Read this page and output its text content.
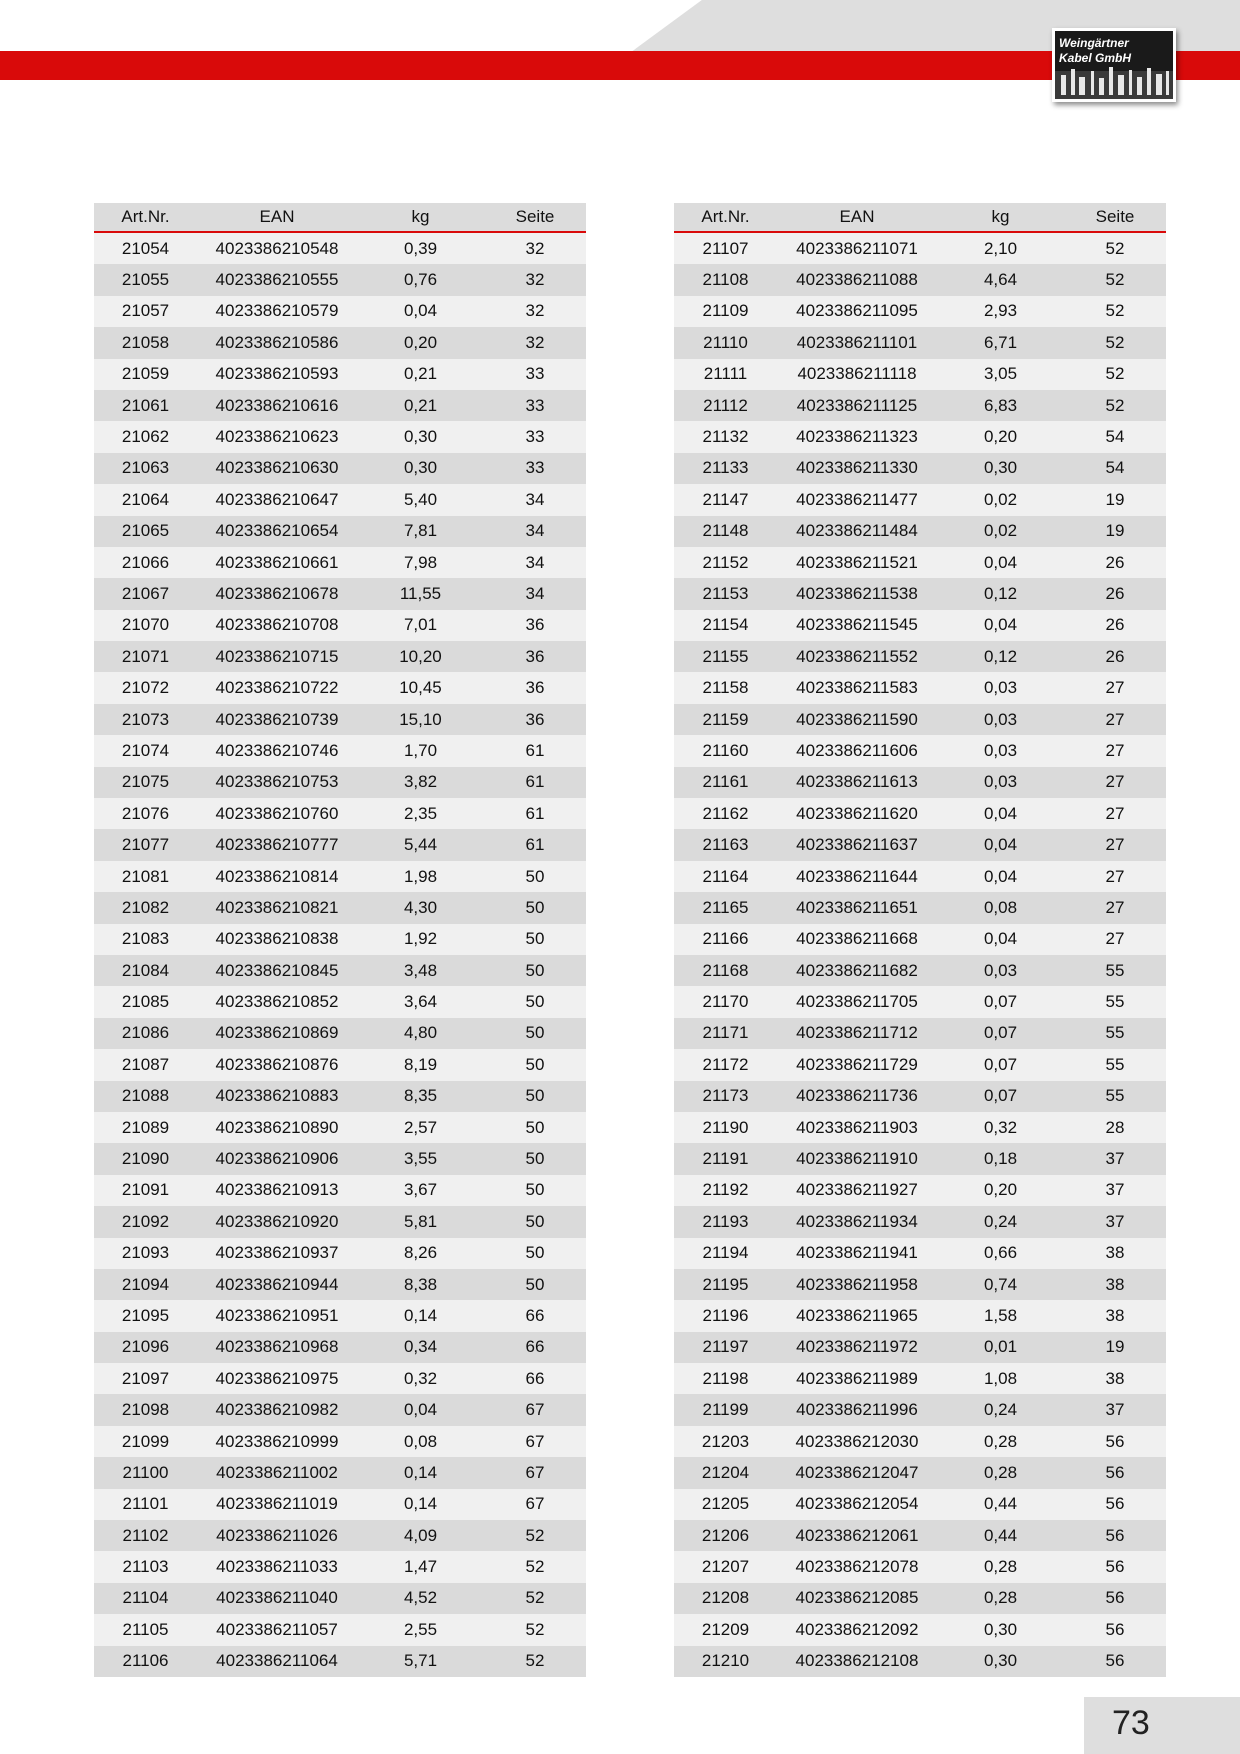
Weingärtner
Kabel GmbH
Art.Nr.	EAN	kg	Seite
21054	4023386210548	0,39	32
21055	4023386210555	0,76	32
21057	4023386210579	0,04	32
21058	4023386210586	0,20	32
21059	4023386210593	0,21	33
21061	4023386210616	0,21	33
21062	4023386210623	0,30	33
21063	4023386210630	0,30	33
21064	4023386210647	5,40	34
21065	4023386210654	7,81	34
21066	4023386210661	7,98	34
21067	4023386210678	11,55	34
21070	4023386210708	7,01	36
21071	4023386210715	10,20	36
21072	4023386210722	10,45	36
21073	4023386210739	15,10	36
21074	4023386210746	1,70	61
21075	4023386210753	3,82	61
21076	4023386210760	2,35	61
21077	4023386210777	5,44	61
21081	4023386210814	1,98	50
21082	4023386210821	4,30	50
21083	4023386210838	1,92	50
21084	4023386210845	3,48	50
21085	4023386210852	3,64	50
21086	4023386210869	4,80	50
21087	4023386210876	8,19	50
21088	4023386210883	8,35	50
21089	4023386210890	2,57	50
21090	4023386210906	3,55	50
21091	4023386210913	3,67	50
21092	4023386210920	5,81	50
21093	4023386210937	8,26	50
21094	4023386210944	8,38	50
21095	4023386210951	0,14	66
21096	4023386210968	0,34	66
21097	4023386210975	0,32	66
21098	4023386210982	0,04	67
21099	4023386210999	0,08	67
21100	4023386211002	0,14	67
21101	4023386211019	0,14	67
21102	4023386211026	4,09	52
21103	4023386211033	1,47	52
21104	4023386211040	4,52	52
21105	4023386211057	2,55	52
21106	4023386211064	5,71	52
Art.Nr.	EAN	kg	Seite
21107	4023386211071	2,10	52
21108	4023386211088	4,64	52
21109	4023386211095	2,93	52
21110	4023386211101	6,71	52
21111	4023386211118	3,05	52
21112	4023386211125	6,83	52
21132	4023386211323	0,20	54
21133	4023386211330	0,30	54
21147	4023386211477	0,02	19
21148	4023386211484	0,02	19
21152	4023386211521	0,04	26
21153	4023386211538	0,12	26
21154	4023386211545	0,04	26
21155	4023386211552	0,12	26
21158	4023386211583	0,03	27
21159	4023386211590	0,03	27
21160	4023386211606	0,03	27
21161	4023386211613	0,03	27
21162	4023386211620	0,04	27
21163	4023386211637	0,04	27
21164	4023386211644	0,04	27
21165	4023386211651	0,08	27
21166	4023386211668	0,04	27
21168	4023386211682	0,03	55
21170	4023386211705	0,07	55
21171	4023386211712	0,07	55
21172	4023386211729	0,07	55
21173	4023386211736	0,07	55
21190	4023386211903	0,32	28
21191	4023386211910	0,18	37
21192	4023386211927	0,20	37
21193	4023386211934	0,24	37
21194	4023386211941	0,66	38
21195	4023386211958	0,74	38
21196	4023386211965	1,58	38
21197	4023386211972	0,01	19
21198	4023386211989	1,08	38
21199	4023386211996	0,24	37
21203	4023386212030	0,28	56
21204	4023386212047	0,28	56
21205	4023386212054	0,44	56
21206	4023386212061	0,44	56
21207	4023386212078	0,28	56
21208	4023386212085	0,28	56
21209	4023386212092	0,30	56
21210	4023386212108	0,30	56
73
